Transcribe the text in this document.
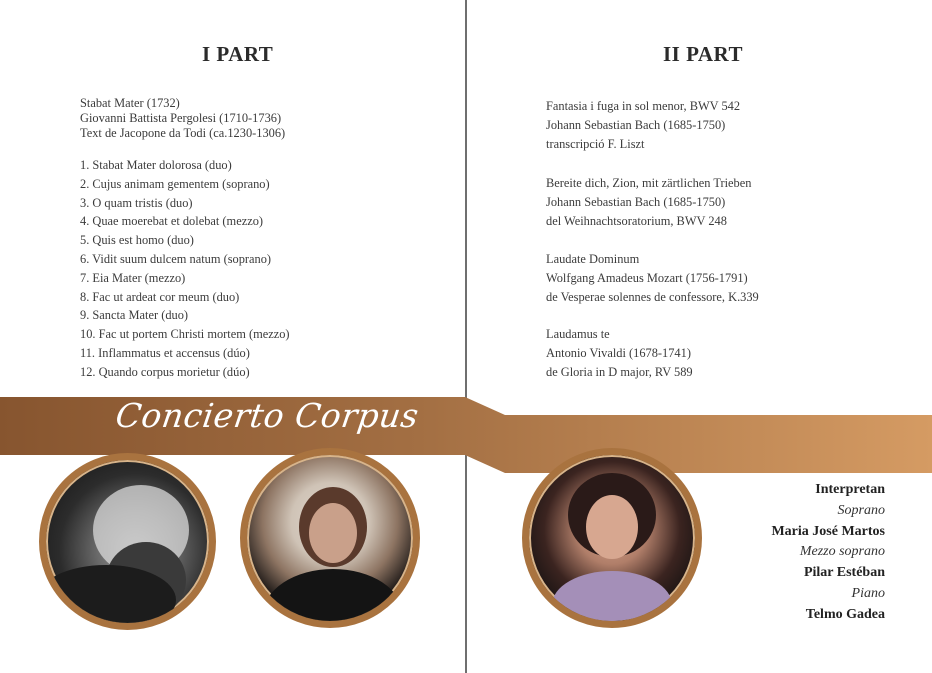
I PART
Stabat Mater (1732)
Giovanni Battista Pergolesi (1710-1736)
Text de Jacopone da Todi (ca.1230-1306)
1. Stabat Mater dolorosa (duo)
2. Cujus animam gementem (soprano)
3. O quam tristis (duo)
4. Quae moerebat et dolebat (mezzo)
5. Quis est homo (duo)
6. Vidit suum dulcem natum (soprano)
7. Eia Mater (mezzo)
8. Fac ut ardeat cor meum (duo)
9. Sancta Mater (duo)
10. Fac ut portem Christi mortem (mezzo)
11. Inflammatus et accensus (dúo)
12. Quando corpus morietur (dúo)
II PART
Fantasia i fuga in sol menor, BWV 542
Johann Sebastian Bach (1685-1750)
transcripció F. Liszt
Bereite dich, Zion, mit zärtlichen Trieben
Johann Sebastian Bach (1685-1750)
del Weihnachtsoratorium, BWV 248
Laudate Dominum
Wolfgang Amadeus Mozart (1756-1791)
de Vesperae solennes de confessore, K.339
Laudamus te
Antonio Vivaldi (1678-1741)
de Gloria in D major, RV 589
Concierto Corpus
Interpretan
Soprano
Maria José Martos
Mezzo soprano
Pilar Estéban
Piano
Telmo Gadea
